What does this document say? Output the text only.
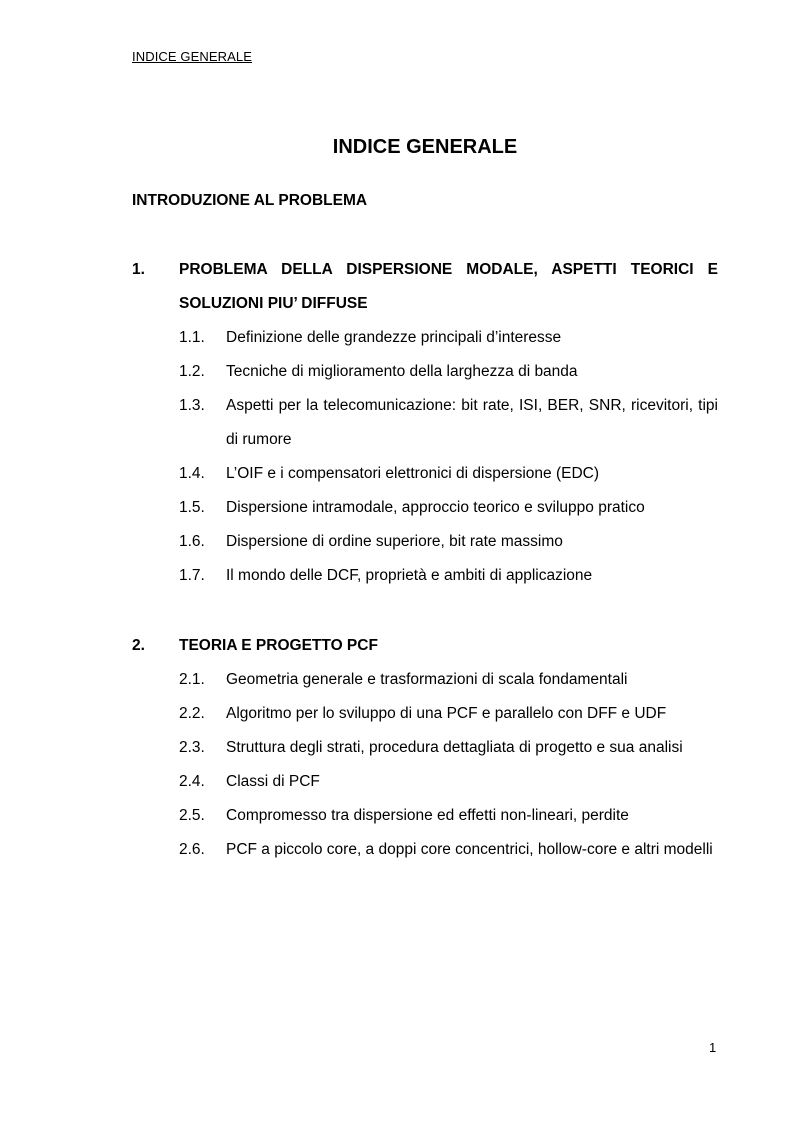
INDICE GENERALE
INDICE GENERALE
INTRODUZIONE AL PROBLEMA
1.	PROBLEMA DELLA DISPERSIONE MODALE, ASPETTI TEORICI E SOLUZIONI PIU’ DIFFUSE
1.1.	Definizione delle grandezze principali d’interesse
1.2.	Tecniche di miglioramento della larghezza di banda
1.3.	Aspetti per la telecomunicazione: bit rate, ISI, BER, SNR, ricevitori, tipi di rumore
1.4.	L’OIF e i compensatori elettronici di dispersione (EDC)
1.5.	Dispersione intramodale, approccio teorico e sviluppo pratico
1.6.	Dispersione di ordine superiore, bit rate massimo
1.7.	Il mondo delle DCF, proprietà e ambiti di applicazione
2.	TEORIA E PROGETTO PCF
2.1.	Geometria generale e trasformazioni di scala fondamentali
2.2.	Algoritmo per lo sviluppo di una PCF e parallelo con DFF e UDF
2.3.	Struttura degli strati, procedura dettagliata di progetto e sua analisi
2.4.	Classi di PCF
2.5.	Compromesso tra dispersione ed effetti non-lineari, perdite
2.6.	PCF a piccolo core, a doppi core concentrici, hollow-core e altri modelli
1
